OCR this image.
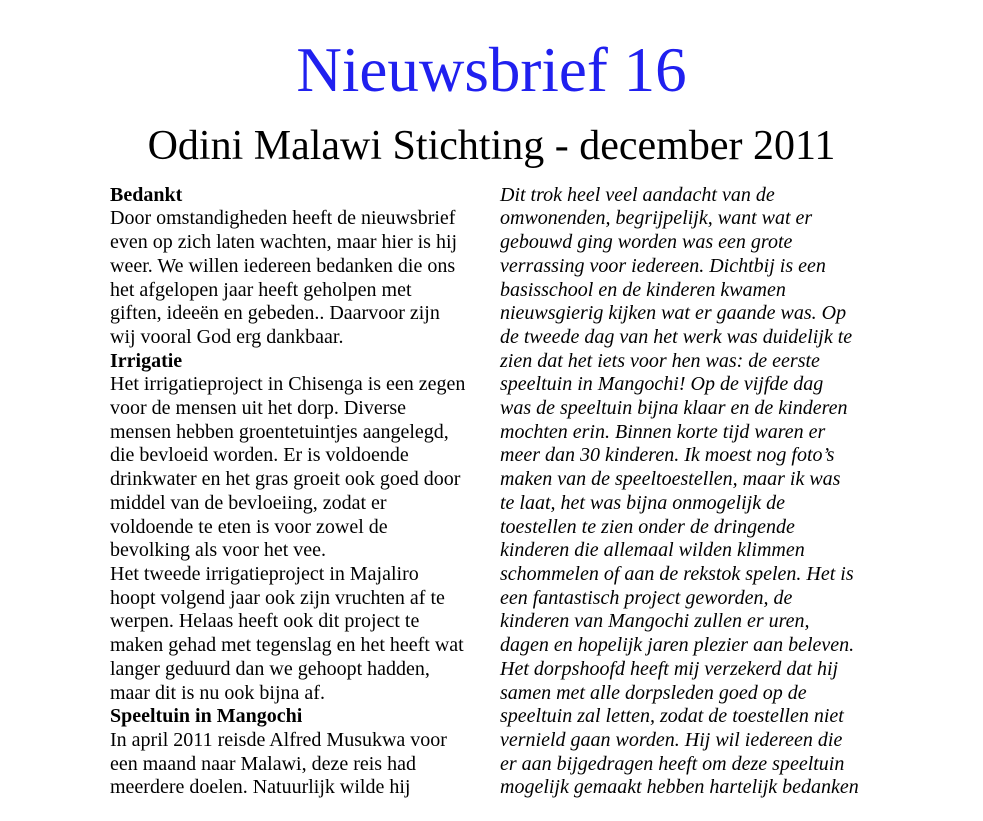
Nieuwsbrief 16
Odini Malawi Stichting - december 2011
Bedankt
Door omstandigheden heeft de nieuwsbrief
even op zich laten wachten, maar hier is hij
weer. We willen iedereen bedanken die ons
het afgelopen jaar heeft geholpen met
giften, ideeën en gebeden.. Daarvoor zijn
wij vooral God erg dankbaar.
Irrigatie
Het irrigatieproject in Chisenga is een zegen
voor de mensen uit het dorp. Diverse
mensen hebben groentetuintjes aangelegd,
die bevloeid worden. Er is voldoende
drinkwater en het gras groeit ook goed door
middel van de bevloeiing, zodat er
voldoende te eten is voor zowel de
bevolking als voor het vee.
Het tweede irrigatieproject in Majaliro
hoopt volgend jaar ook zijn vruchten af te
werpen. Helaas heeft ook dit project te
maken gehad met tegenslag en het heeft wat
langer geduurd dan we gehoopt hadden,
maar dit is nu ook bijna af.
Speeltuin in Mangochi
In april 2011 reisde Alfred Musukwa voor
een maand naar Malawi, deze reis had
meerdere doelen. Natuurlijk wilde hij
Dit trok heel veel aandacht van de
omwonenden, begrijpelijk, want wat er
gebouwd ging worden was een grote
verrassing voor iedereen. Dichtbij is een
basisschool en de kinderen kwamen
nieuwsgierig kijken wat er gaande was. Op
de tweede dag van het werk was duidelijk te
zien dat het iets voor hen was: de eerste
speeltuin in Mangochi! Op de vijfde dag
was de speeltuin bijna klaar en de kinderen
mochten erin. Binnen korte tijd waren er
meer dan 30 kinderen. Ik moest nog foto’s
maken van de speeltoestellen, maar ik was
te laat, het was bijna onmogelijk de
toestellen te zien onder de dringende
kinderen die allemaal wilden klimmen
schommelen of aan de rekstok spelen. Het is
een fantastisch project geworden, de
kinderen van Mangochi zullen er uren,
dagen en hopelijk jaren plezier aan beleven.
Het dorpshoofd heeft mij verzekerd dat hij
samen met alle dorpsleden goed op de
speeltuin zal letten, zodat de toestellen niet
vernield gaan worden. Hij wil iedereen die
er aan bijgedragen heeft om deze speeltuin
mogelijk gemaakt hebben hartelijk bedanken
